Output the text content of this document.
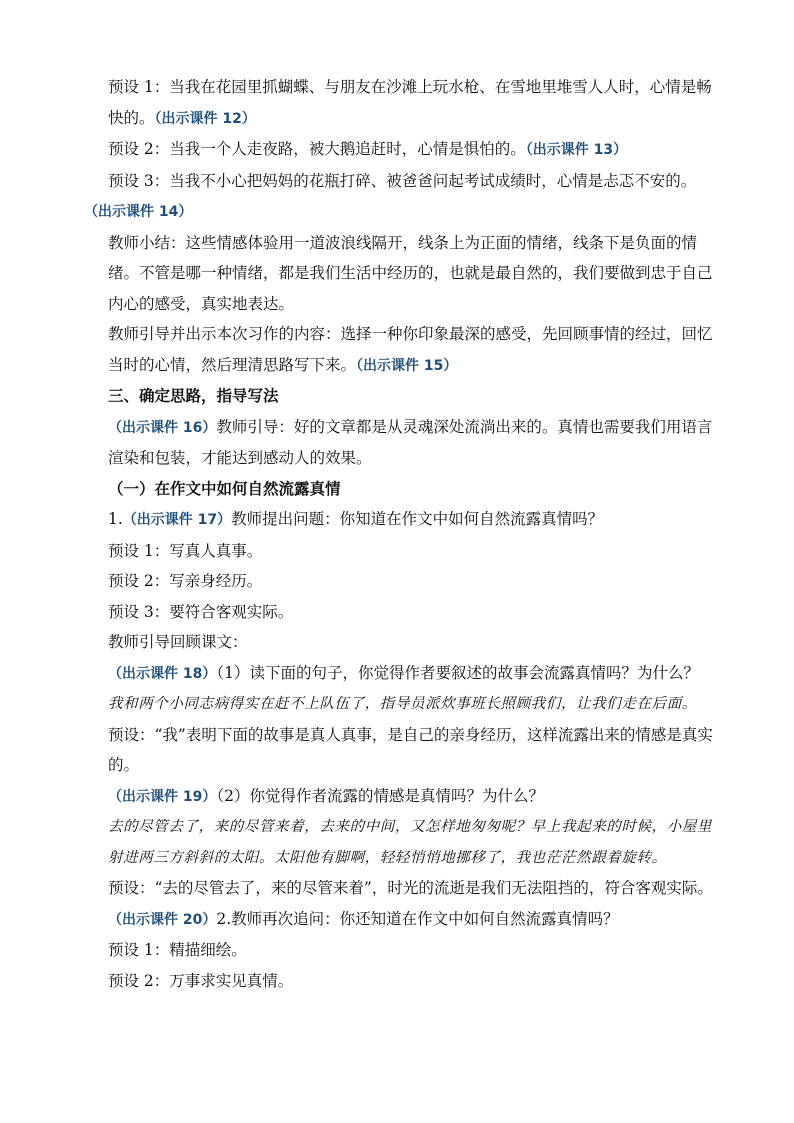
预设 1：当我在花园里抓蝴蝶、与朋友在沙滩上玩水枪、在雪地里堆雪人人时，心情是畅快的。（出示课件 12）

预设 2：当我一个人走夜路，被大鹅追赶时，心情是惧怕的。（出示课件 13）

预设 3：当我不小心把妈妈的花瓶打碎、被爸爸问起考试成绩时，心情是忐忑不安的。

（出示课件 14）

教师小结：这些情感体验用一道波浪线隔开，线条上为正面的情绪，线条下是负面的情绪。不管是哪一种情绪，都是我们生活中经历的，也就是最自然的，我们要做到忠于自己内心的感受，真实地表达。

教师引导并出示本次习作的内容：选择一种你印象最深的感受，先回顾事情的经过，回忆当时的心情，然后理清思路写下来。（出示课件 15）

三、确定思路，指导写法

（出示课件 16）教师引导：好的文章都是从灵魂深处流淌出来的。真情也需要我们用语言渲染和包装，才能达到感动人的效果。

（一）在作文中如何自然流露真情

1.（出示课件 17）教师提出问题：你知道在作文中如何自然流露真情吗？

预设 1：写真人真事。

预设 2：写亲身经历。

预设 3：要符合客观实际。

教师引导回顾课文：

（出示课件 18）（1）读下面的句子，你觉得作者要叙述的故事会流露真情吗？为什么？

我和两个小同志病得实在赶不上队伍了，指导员派炊事班长照顾我们，让我们走在后面。

预设：“我”表明下面的故事是真人真事，是自己的亲身经历，这样流露出来的情感是真实的。

（出示课件 19）（2）你觉得作者流露的情感是真情吗？为什么？

去的尽管去了，来的尽管来着，去来的中间，又怎样地匆匆呢？早上我起来的时候，小屋里射进两三方斜斜的太阳。太阳他有脚啊，轻轻悄悄地挪移了，我也茫茫然跟着旋转。

预设：“去的尽管去了，来的尽管来着”，时光的流逝是我们无法阻挡的，符合客观实际。

（出示课件 20）2.教师再次追问：你还知道在作文中如何自然流露真情吗？

预设 1：精描细绘。

预设 2：万事求实见真情。
